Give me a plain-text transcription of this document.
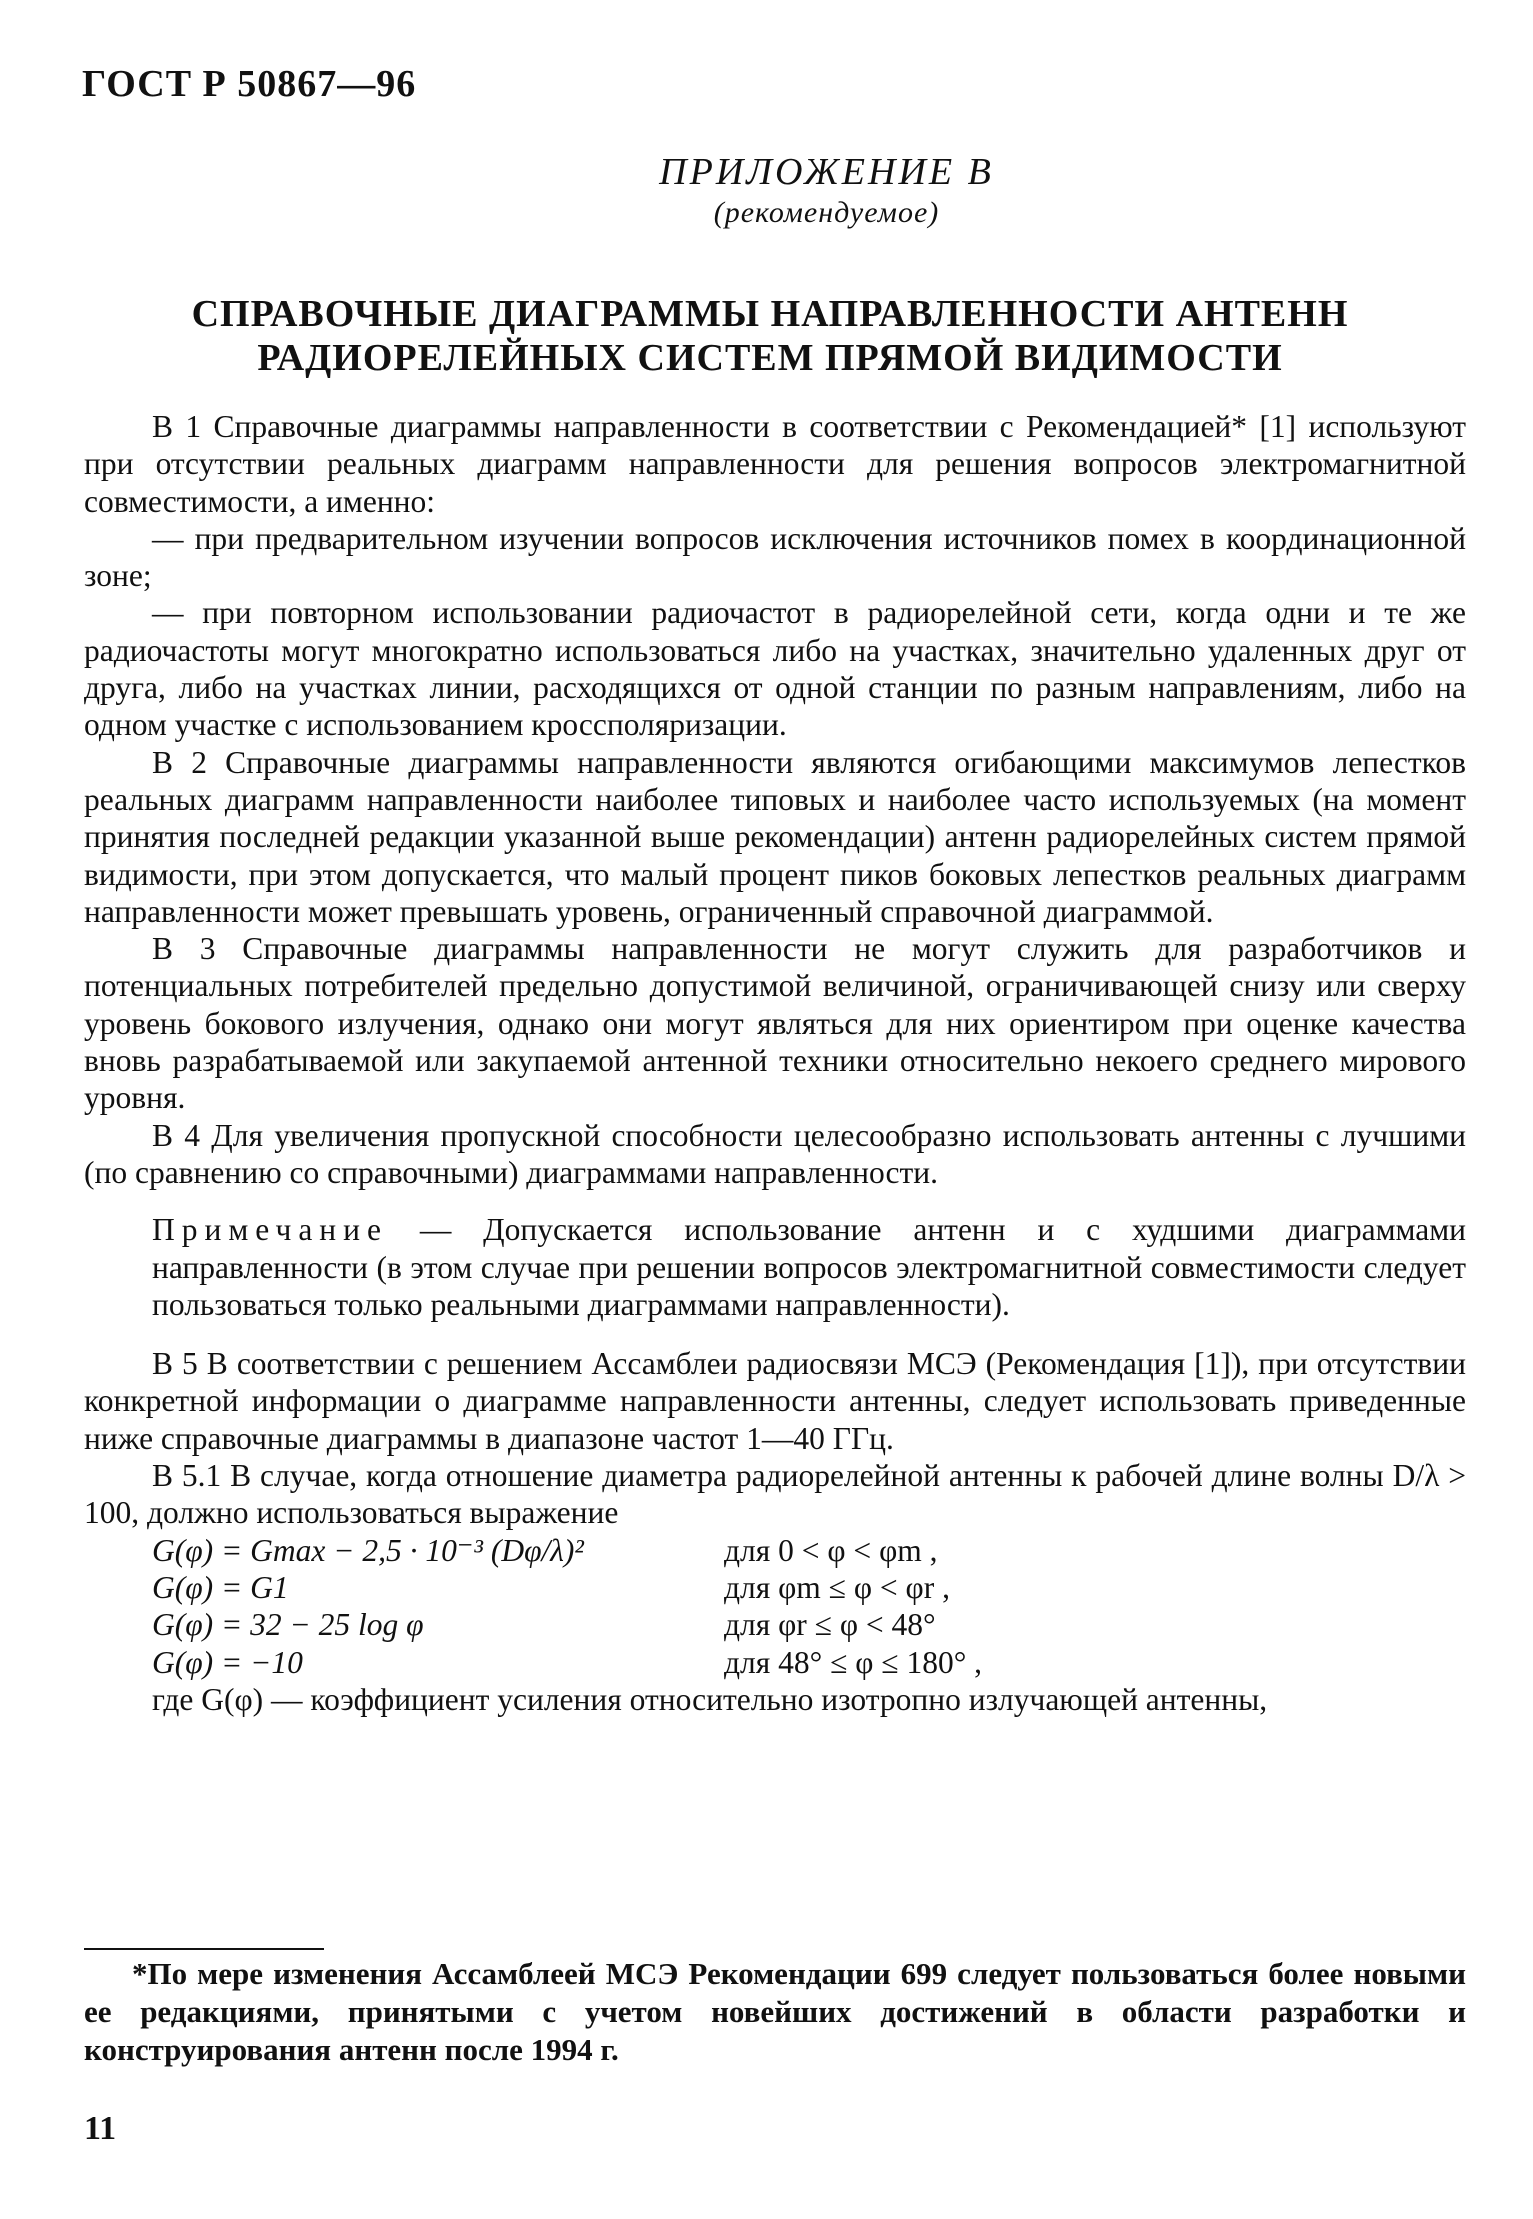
ГОСТ Р 50867—96
ПРИЛОЖЕНИЕ В
(рекомендуемое)
СПРАВОЧНЫЕ ДИАГРАММЫ НАПРАВЛЕННОСТИ АНТЕНН
РАДИОРЕЛЕЙНЫХ СИСТЕМ ПРЯМОЙ ВИДИМОСТИ

В 1 Справочные диаграммы направленности в соответствии с Рекомендацией* [1] используют при отсутствии реальных диаграмм направленности для решения вопросов электромагнитной совместимости, а именно:

— при предварительном изучении вопросов исключения источников помех в координационной зоне;

— при повторном использовании радиочастот в радиорелейной сети, когда одни и те же радиочастоты могут многократно использоваться либо на участках, значительно удаленных друг от друга, либо на участках линии, расходящихся от одной станции по разным направлениям, либо на одном участке с использованием кроссполяризации.

В 2 Справочные диаграммы направленности являются огибающими максимумов лепестков реальных диаграмм направленности наиболее типовых и наиболее часто используемых (на момент принятия последней редакции указанной выше рекомендации) антенн радиорелейных систем прямой видимости, при этом допускается, что малый процент пиков боковых лепестков реальных диаграмм направленности может превышать уровень, ограниченный справочной диаграммой.

В 3 Справочные диаграммы направленности не могут служить для разработчиков и потенциальных потребителей предельно допустимой величиной, ограничивающей снизу или сверху уровень бокового излучения, однако они могут являться для них ориентиром при оценке качества вновь разрабатываемой или закупаемой антенной техники относительно некоего среднего мирового уровня.

В 4 Для увеличения пропускной способности целесообразно использовать антенны с лучшими (по сравнению со справочными) диаграммами направленности.

Примечание — Допускается использование антенн и с худшими диаграммами направленности (в этом случае при решении вопросов электромагнитной совместимости следует пользоваться только реальными диаграммами направленности).

В 5 В соответствии с решением Ассамблеи радиосвязи МСЭ (Рекомендация [1]), при отсутствии конкретной информации о диаграмме направленности антенны, следует использовать приведенные ниже справочные диаграммы в диапазоне частот 1—40 ГГц.

В 5.1 В случае, когда отношение диаметра радиорелейной антенны к рабочей длине волны D/λ > 100, должно использоваться выражение

G(φ) = Gmax − 2,5 · 10⁻³ (Dφ/λ)²	для 0 < φ < φm ,
G(φ) = G1	для φm ≤ φ < φr ,
G(φ) = 32 − 25 log φ	для φr ≤ φ < 48°
G(φ) = −10	для 48° ≤ φ ≤ 180° ,

где G(φ) — коэффициент усиления относительно изотропно излучающей антенны,

*По мере изменения Ассамблеей МСЭ Рекомендации 699 следует пользоваться более новыми ее редакциями, принятыми с учетом новейших достижений в области разработки и конструирования антенн после 1994 г.
11
